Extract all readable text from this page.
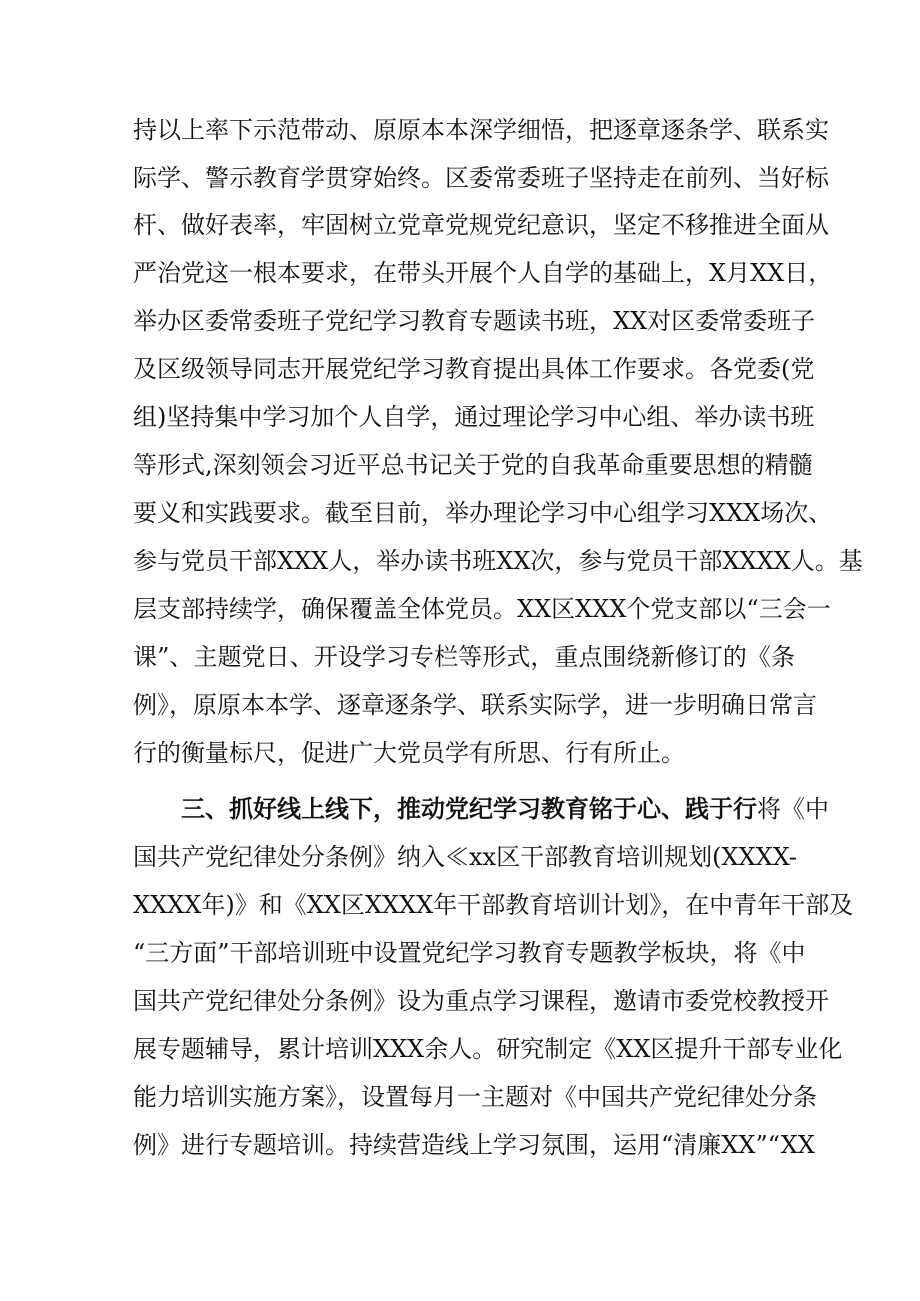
持以上率下示范带动、原原本本深学细悟，把逐章逐条学、联系实
际学、警示教育学贯穿始终。区委常委班子坚持走在前列、当好标
杆、做好表率，牢固树立党章党规党纪意识，坚定不移推进全面从
严治党这一根本要求，在带头开展个人自学的基础上，X月XX日，
举办区委常委班子党纪学习教育专题读书班，XX对区委常委班子
及区级领导同志开展党纪学习教育提出具体工作要求。各党委(党
组)坚持集中学习加个人自学，通过理论学习中心组、举办读书班
等形式,深刻领会习近平总书记关于党的自我革命重要思想的精髓
要义和实践要求。截至目前，举办理论学习中心组学习XXX场次、
参与党员干部XXX人，举办读书班XX次，参与党员干部XXXX人。基
层支部持续学，确保覆盖全体党员。XX区XXX个党支部以“三会一
课”、主题党日、开设学习专栏等形式，重点围绕新修订的《条
例》，原原本本学、逐章逐条学、联系实际学，进一步明确日常言
行的衡量标尺，促进广大党员学有所思、行有所止。
三、抓好线上线下，推动党纪学习教育铭于心、践于行将《中
国共产党纪律处分条例》纳入≪xx区干部教育培训规划(XXXX-
XXXX年)》和《XX区XXXX年干部教育培训计划》，在中青年干部及
“三方面”干部培训班中设置党纪学习教育专题教学板块，将《中
国共产党纪律处分条例》设为重点学习课程，邀请市委党校教授开
展专题辅导，累计培训XXX余人。研究制定《XX区提升干部专业化
能力培训实施方案》，设置每月一主题对《中国共产党纪律处分条
例》进行专题培训。持续营造线上学习氛围，运用“清廉XX”“XX
